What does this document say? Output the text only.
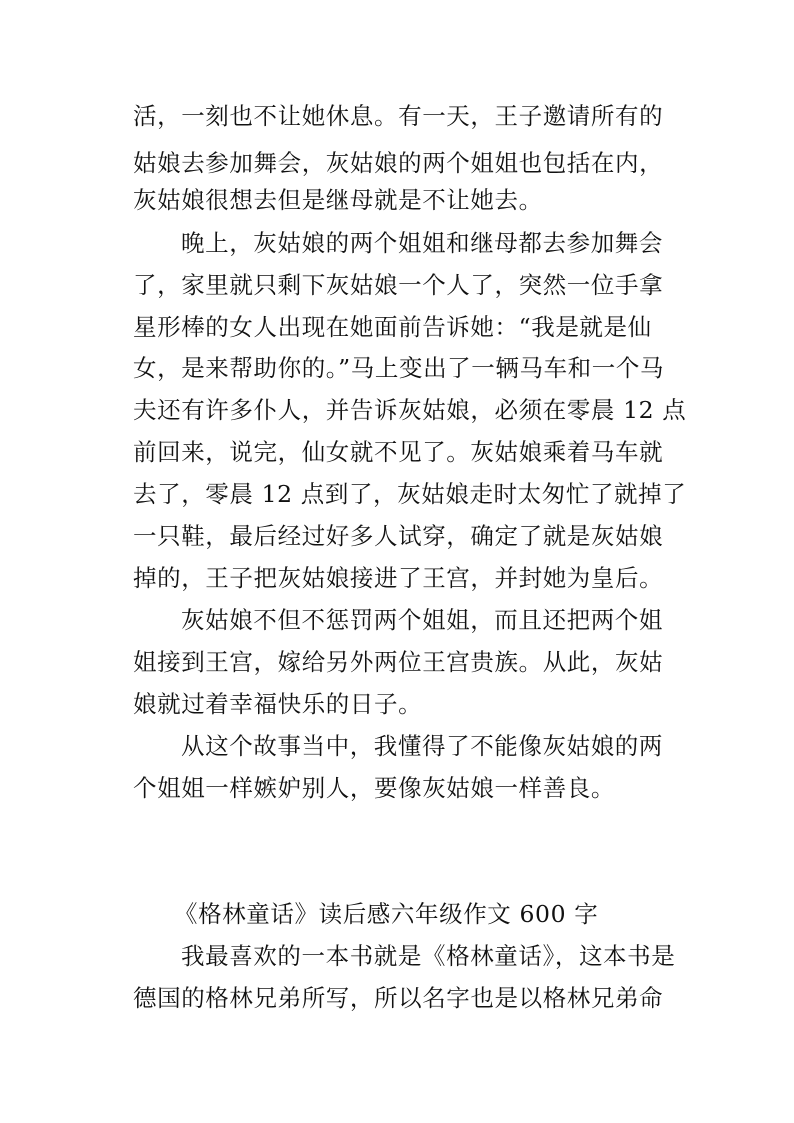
活，一刻也不让她休息。有一天，王子邀请所有的
姑娘去参加舞会，灰姑娘的两个姐姐也包括在内，
灰姑娘很想去但是继母就是不让她去。
晚上，灰姑娘的两个姐姐和继母都去参加舞会
了，家里就只剩下灰姑娘一个人了，突然一位手拿
星形棒的女人出现在她面前告诉她：“我是就是仙
女，是来帮助你的。”马上变出了一辆马车和一个马
夫还有许多仆人，并告诉灰姑娘，必须在零晨 12 点
前回来，说完，仙女就不见了。灰姑娘乘着马车就
去了，零晨 12 点到了，灰姑娘走时太匆忙了就掉了
一只鞋，最后经过好多人试穿，确定了就是灰姑娘
掉的，王子把灰姑娘接进了王宫，并封她为皇后。
灰姑娘不但不惩罚两个姐姐，而且还把两个姐
姐接到王宫，嫁给另外两位王宫贵族。从此，灰姑
娘就过着幸福快乐的日子。
从这个故事当中，我懂得了不能像灰姑娘的两
个姐姐一样嫉妒别人，要像灰姑娘一样善良。
《格林童话》读后感六年级作文 600 字
我最喜欢的一本书就是《格林童话》，这本书是
德国的格林兄弟所写，所以名字也是以格林兄弟命
